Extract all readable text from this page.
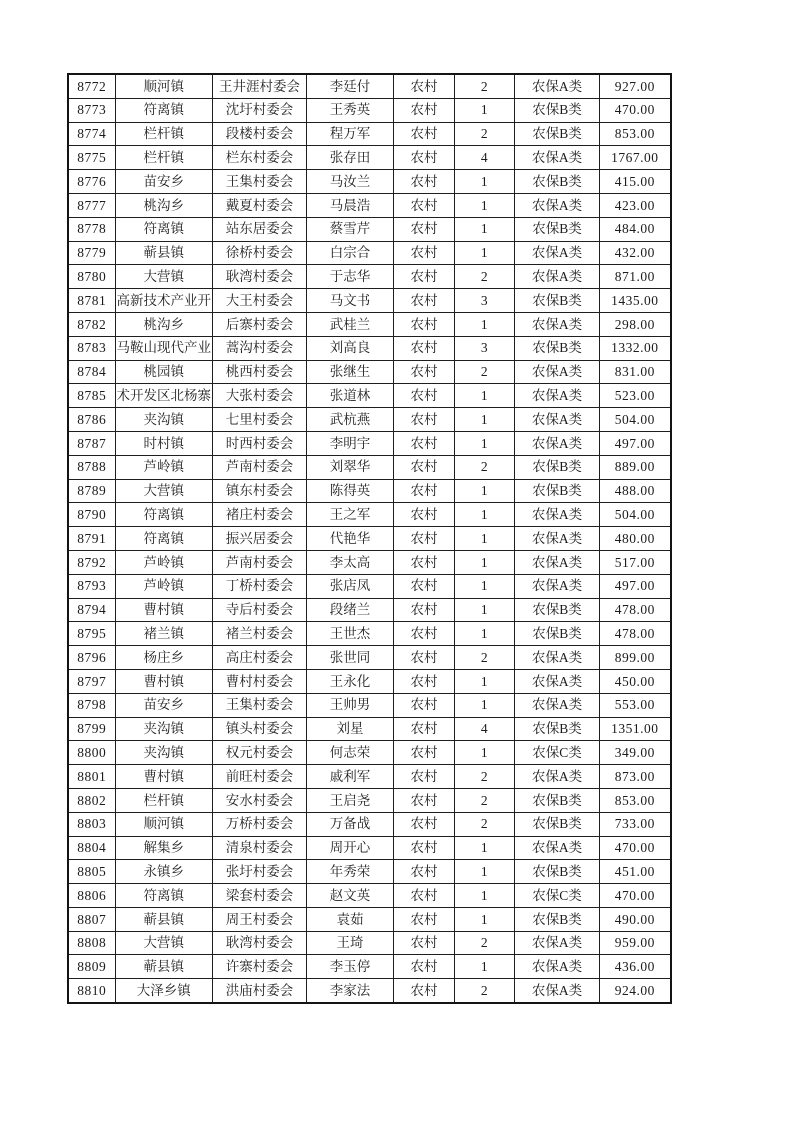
8772	顺河镇	王井涯村委会	李廷付	农村	2	农保A类	927.00
8773	符离镇	沈圩村委会	王秀英	农村	1	农保B类	470.00
8774	栏杆镇	段楼村委会	程万军	农村	2	农保B类	853.00
8775	栏杆镇	栏东村委会	张存田	农村	4	农保A类	1767.00
8776	苗安乡	王集村委会	马汝兰	农村	1	农保B类	415.00
8777	桃沟乡	戴夏村委会	马晨浩	农村	1	农保A类	423.00
8778	符离镇	站东居委会	蔡雪芹	农村	1	农保B类	484.00
8779	蕲县镇	徐桥村委会	白宗合	农村	1	农保A类	432.00
8780	大营镇	耿湾村委会	于志华	农村	2	农保A类	871.00
8781	高新技术产业开	大王村委会	马文书	农村	3	农保B类	1435.00
8782	桃沟乡	后寨村委会	武桂兰	农村	1	农保A类	298.00
8783	马鞍山现代产业	蒿沟村委会	刘高良	农村	3	农保B类	1332.00
8784	桃园镇	桃西村委会	张继生	农村	2	农保A类	831.00
8785	术开发区北杨寨	大张村委会	张道林	农村	1	农保A类	523.00
8786	夹沟镇	七里村委会	武杭燕	农村	1	农保A类	504.00
8787	时村镇	时西村委会	李明宇	农村	1	农保A类	497.00
8788	芦岭镇	芦南村委会	刘翠华	农村	2	农保B类	889.00
8789	大营镇	镇东村委会	陈得英	农村	1	农保B类	488.00
8790	符离镇	褚庄村委会	王之军	农村	1	农保A类	504.00
8791	符离镇	振兴居委会	代艳华	农村	1	农保A类	480.00
8792	芦岭镇	芦南村委会	李太高	农村	1	农保A类	517.00
8793	芦岭镇	丁桥村委会	张店凤	农村	1	农保A类	497.00
8794	曹村镇	寺后村委会	段绪兰	农村	1	农保B类	478.00
8795	褚兰镇	褚兰村委会	王世杰	农村	1	农保B类	478.00
8796	杨庄乡	高庄村委会	张世同	农村	2	农保A类	899.00
8797	曹村镇	曹村村委会	王永化	农村	1	农保A类	450.00
8798	苗安乡	王集村委会	王帅男	农村	1	农保A类	553.00
8799	夹沟镇	镇头村委会	刘星	农村	4	农保B类	1351.00
8800	夹沟镇	权元村委会	何志荣	农村	1	农保C类	349.00
8801	曹村镇	前旺村委会	戚利军	农村	2	农保A类	873.00
8802	栏杆镇	安水村委会	王启尧	农村	2	农保B类	853.00
8803	顺河镇	万桥村委会	万备战	农村	2	农保B类	733.00
8804	解集乡	清泉村委会	周开心	农村	1	农保A类	470.00
8805	永镇乡	张圩村委会	年秀荣	农村	1	农保B类	451.00
8806	符离镇	梁套村委会	赵文英	农村	1	农保C类	470.00
8807	蕲县镇	周王村委会	袁茹	农村	1	农保B类	490.00
8808	大营镇	耿湾村委会	王琦	农村	2	农保A类	959.00
8809	蕲县镇	许寨村委会	李玉停	农村	1	农保A类	436.00
8810	大泽乡镇	洪庙村委会	李家法	农村	2	农保A类	924.00
